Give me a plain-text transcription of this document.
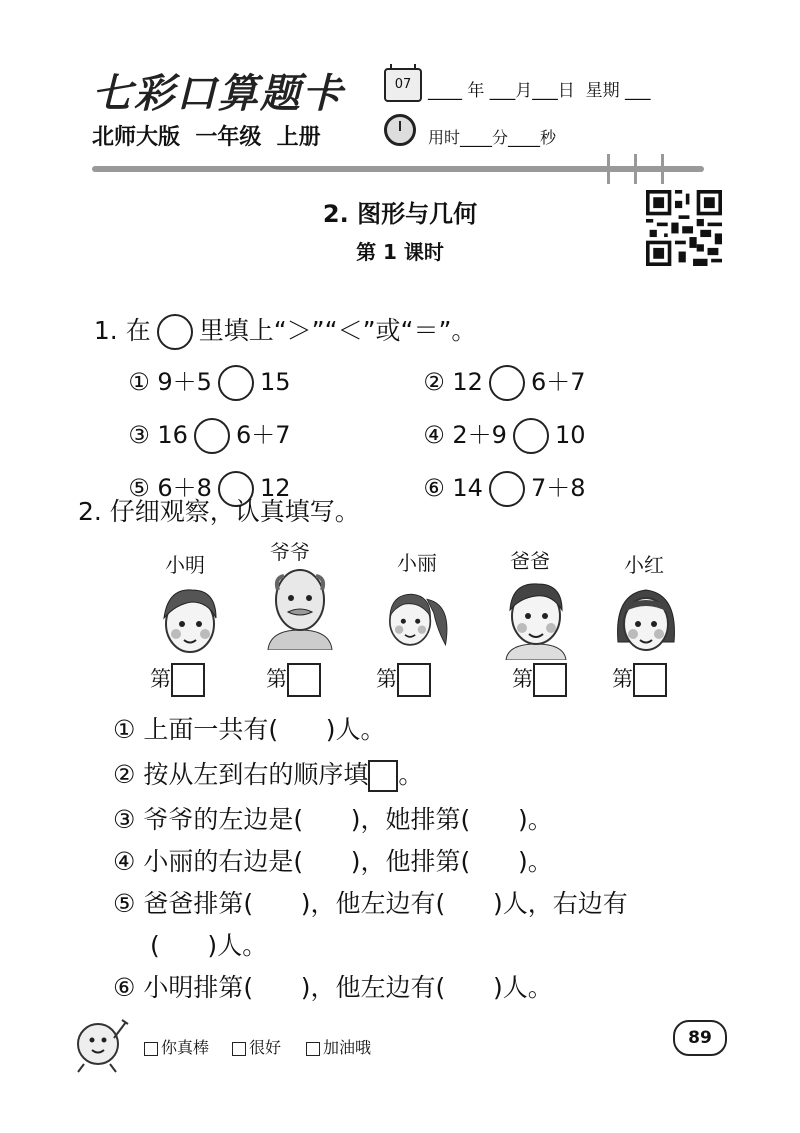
七彩口算题卡	07 ____ 年 ___月___日  星期 ___
北师大版  一年级  上册	用时____分____秒
2. 图形与几何
第 1 课时

1. 在 里填上“＞”“＜”或“＝”。

① 9＋5 15	② 12 6＋7

③ 16 6＋7	④ 2＋9 10

⑤ 6＋8 12	⑥ 14 7＋8

2. 仔细观察，认真填写。
小明
爷爷	小丽	爸爸	小红
第	第	第	第	第
① 上面一共有(      )人。
② 按从左到右的顺序填 。
③ 爷爷的左边是(      )，她排第(      )。
④ 小丽的右边是(      )，他排第(      )。
⑤ 爸爸排第(      )，他左边有(      )人，右边有
(      )人。
⑥ 小明排第(      )，他左边有(      )人。
你真棒	很好	加油哦	89
